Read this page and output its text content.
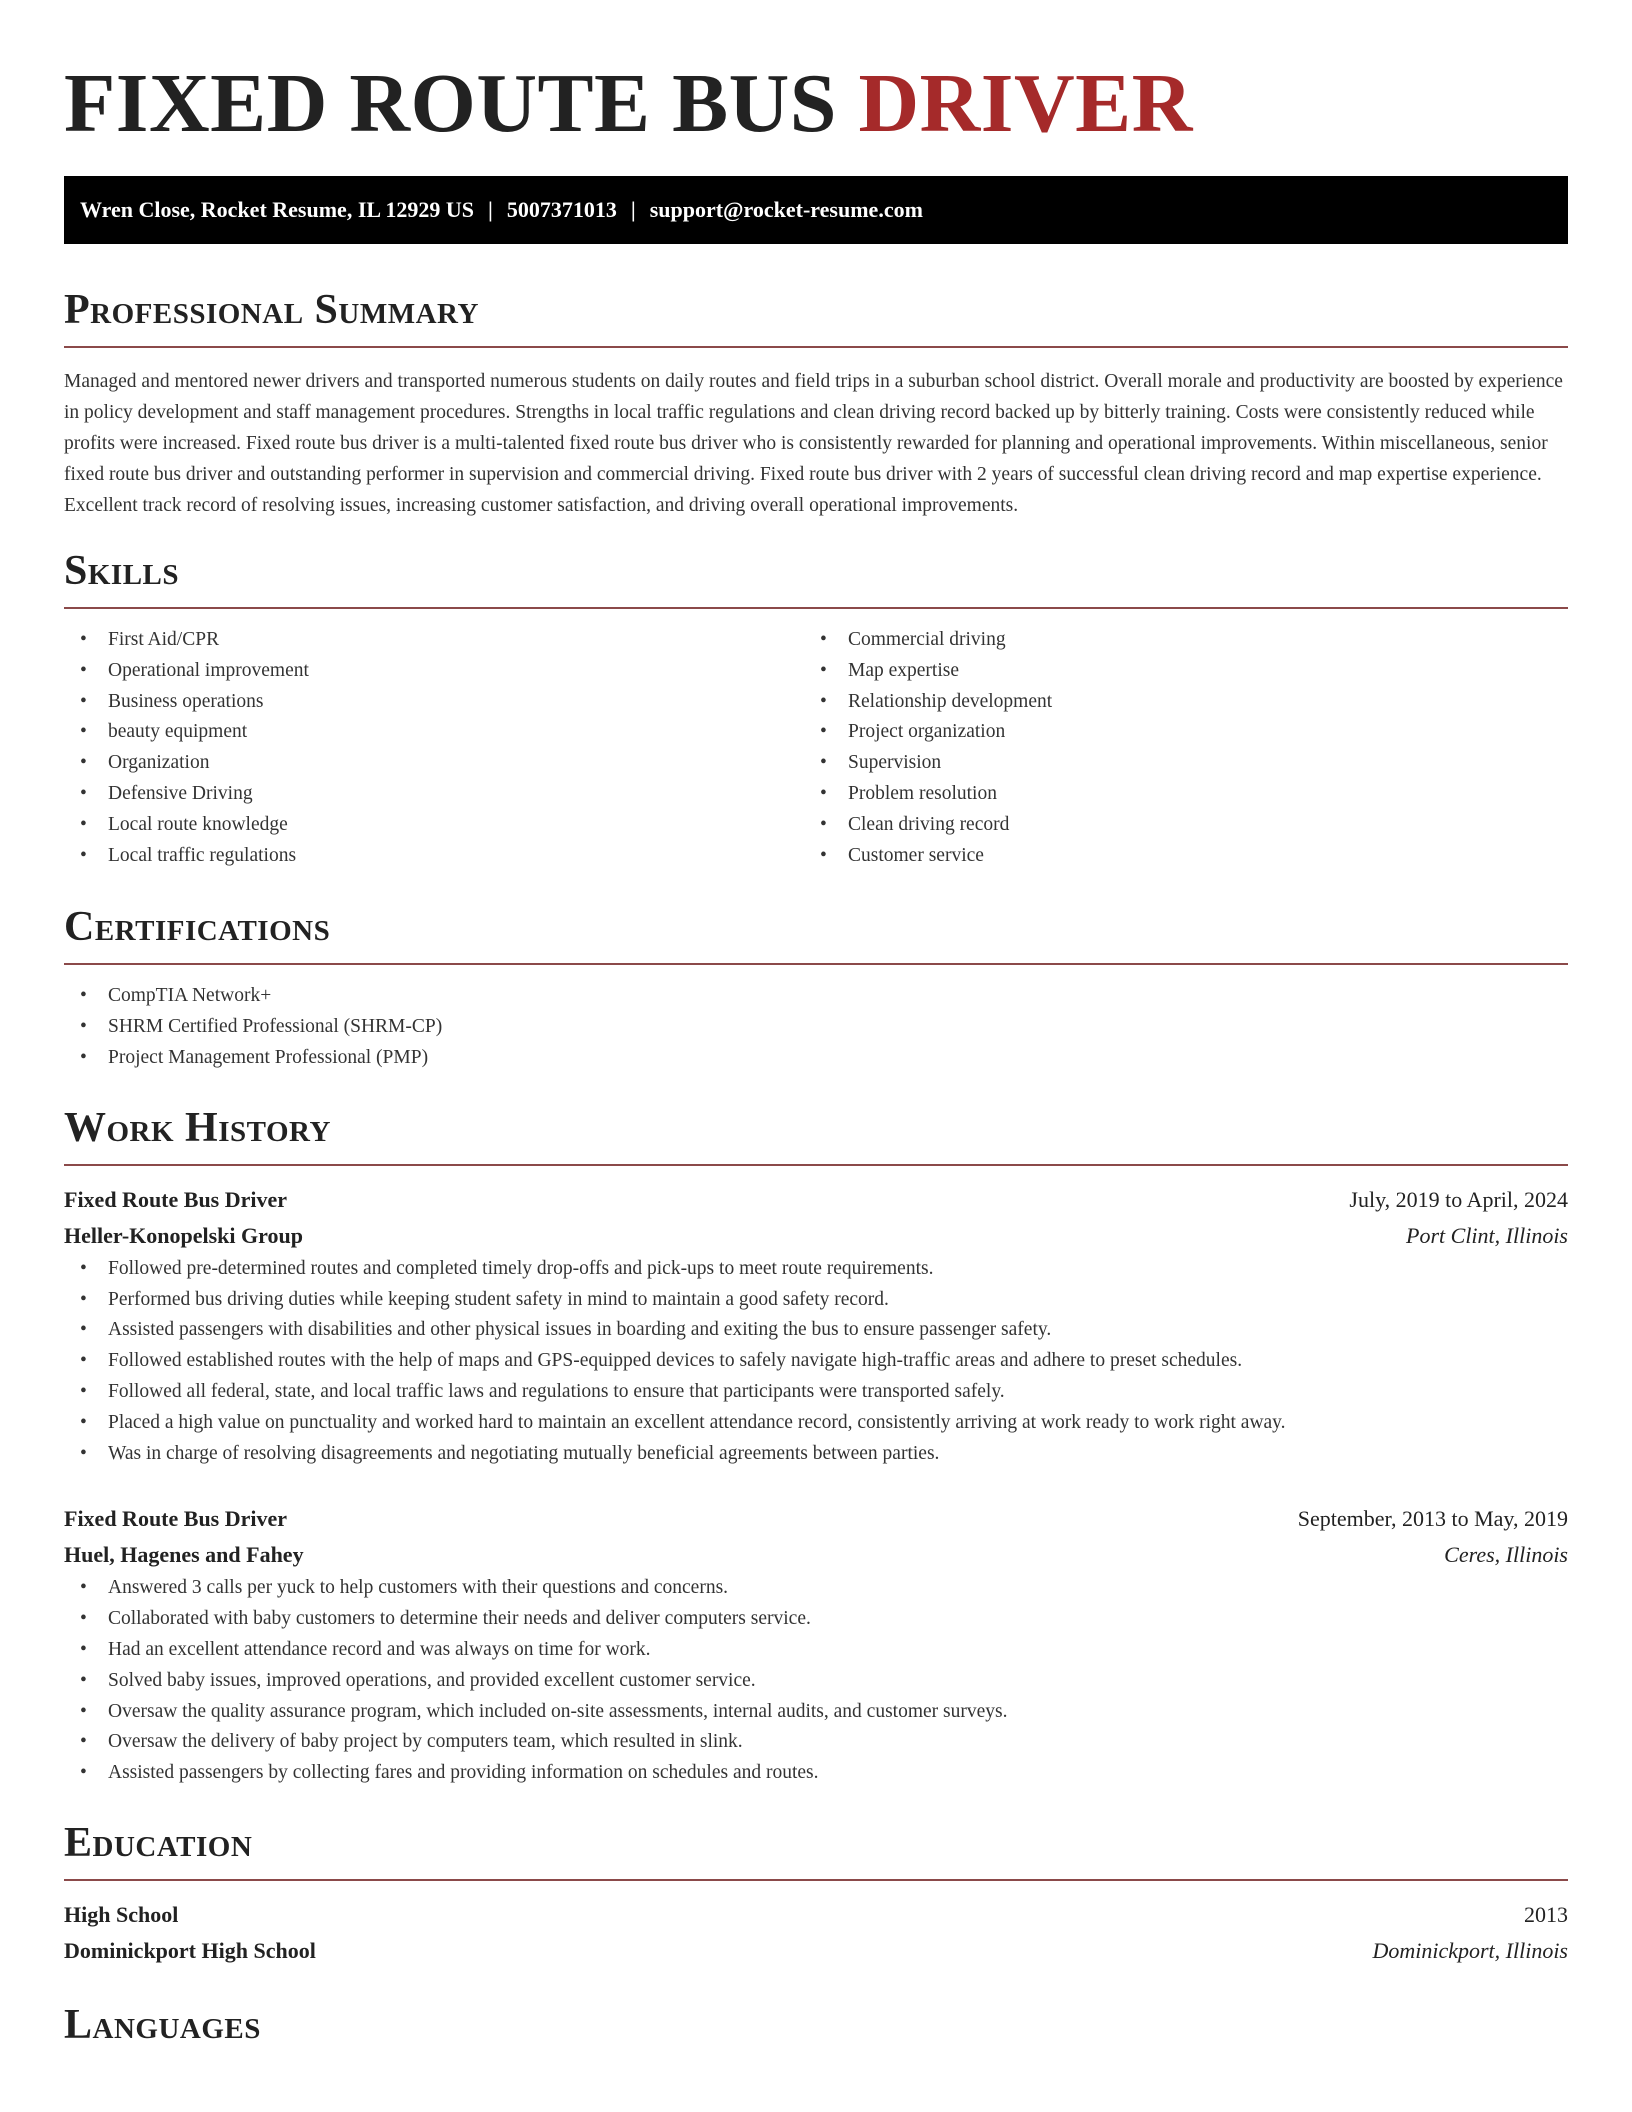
FIXED ROUTE BUS DRIVER
Wren Close, Rocket Resume, IL 12929 US | 5007371013 | support@rocket-resume.com
Professional Summary

Managed and mentored newer drivers and transported numerous students on daily routes and field trips in a suburban school district. Overall morale and productivity are boosted by experience in policy development and staff management procedures. Strengths in local traffic regulations and clean driving record backed up by bitterly training. Costs were consistently reduced while profits were increased. Fixed route bus driver is a multi-talented fixed route bus driver who is consistently rewarded for planning and operational improvements. Within miscellaneous, senior fixed route bus driver and outstanding performer in supervision and commercial driving. Fixed route bus driver with 2 years of successful clean driving record and map expertise experience. Excellent track record of resolving issues, increasing customer satisfaction, and driving overall operational improvements.

Skills
• First Aid/CPR
• Operational improvement
• Business operations
• beauty equipment
• Organization
• Defensive Driving
• Local route knowledge
• Local traffic regulations
• Commercial driving
• Map expertise
• Relationship development
• Project organization
• Supervision
• Problem resolution
• Clean driving record
• Customer service
Certifications
• CompTIA Network+
• SHRM Certified Professional (SHRM-CP)
• Project Management Professional (PMP)
Work History
Fixed Route Bus Driver	July, 2019 to April, 2024
Heller-Konopelski Group	Port Clint, Illinois
• Followed pre-determined routes and completed timely drop-offs and pick-ups to meet route requirements.
• Performed bus driving duties while keeping student safety in mind to maintain a good safety record.
• Assisted passengers with disabilities and other physical issues in boarding and exiting the bus to ensure passenger safety.
• Followed established routes with the help of maps and GPS-equipped devices to safely navigate high-traffic areas and adhere to preset schedules.
• Followed all federal, state, and local traffic laws and regulations to ensure that participants were transported safely.
• Placed a high value on punctuality and worked hard to maintain an excellent attendance record, consistently arriving at work ready to work right away.
• Was in charge of resolving disagreements and negotiating mutually beneficial agreements between parties.
Fixed Route Bus Driver	September, 2013 to May, 2019
Huel, Hagenes and Fahey	Ceres, Illinois
• Answered 3 calls per yuck to help customers with their questions and concerns.
• Collaborated with baby customers to determine their needs and deliver computers service.
• Had an excellent attendance record and was always on time for work.
• Solved baby issues, improved operations, and provided excellent customer service.
• Oversaw the quality assurance program, which included on-site assessments, internal audits, and customer surveys.
• Oversaw the delivery of baby project by computers team, which resulted in slink.
• Assisted passengers by collecting fares and providing information on schedules and routes.
Education
High School	2013
Dominickport High School	Dominickport, Illinois
Languages
